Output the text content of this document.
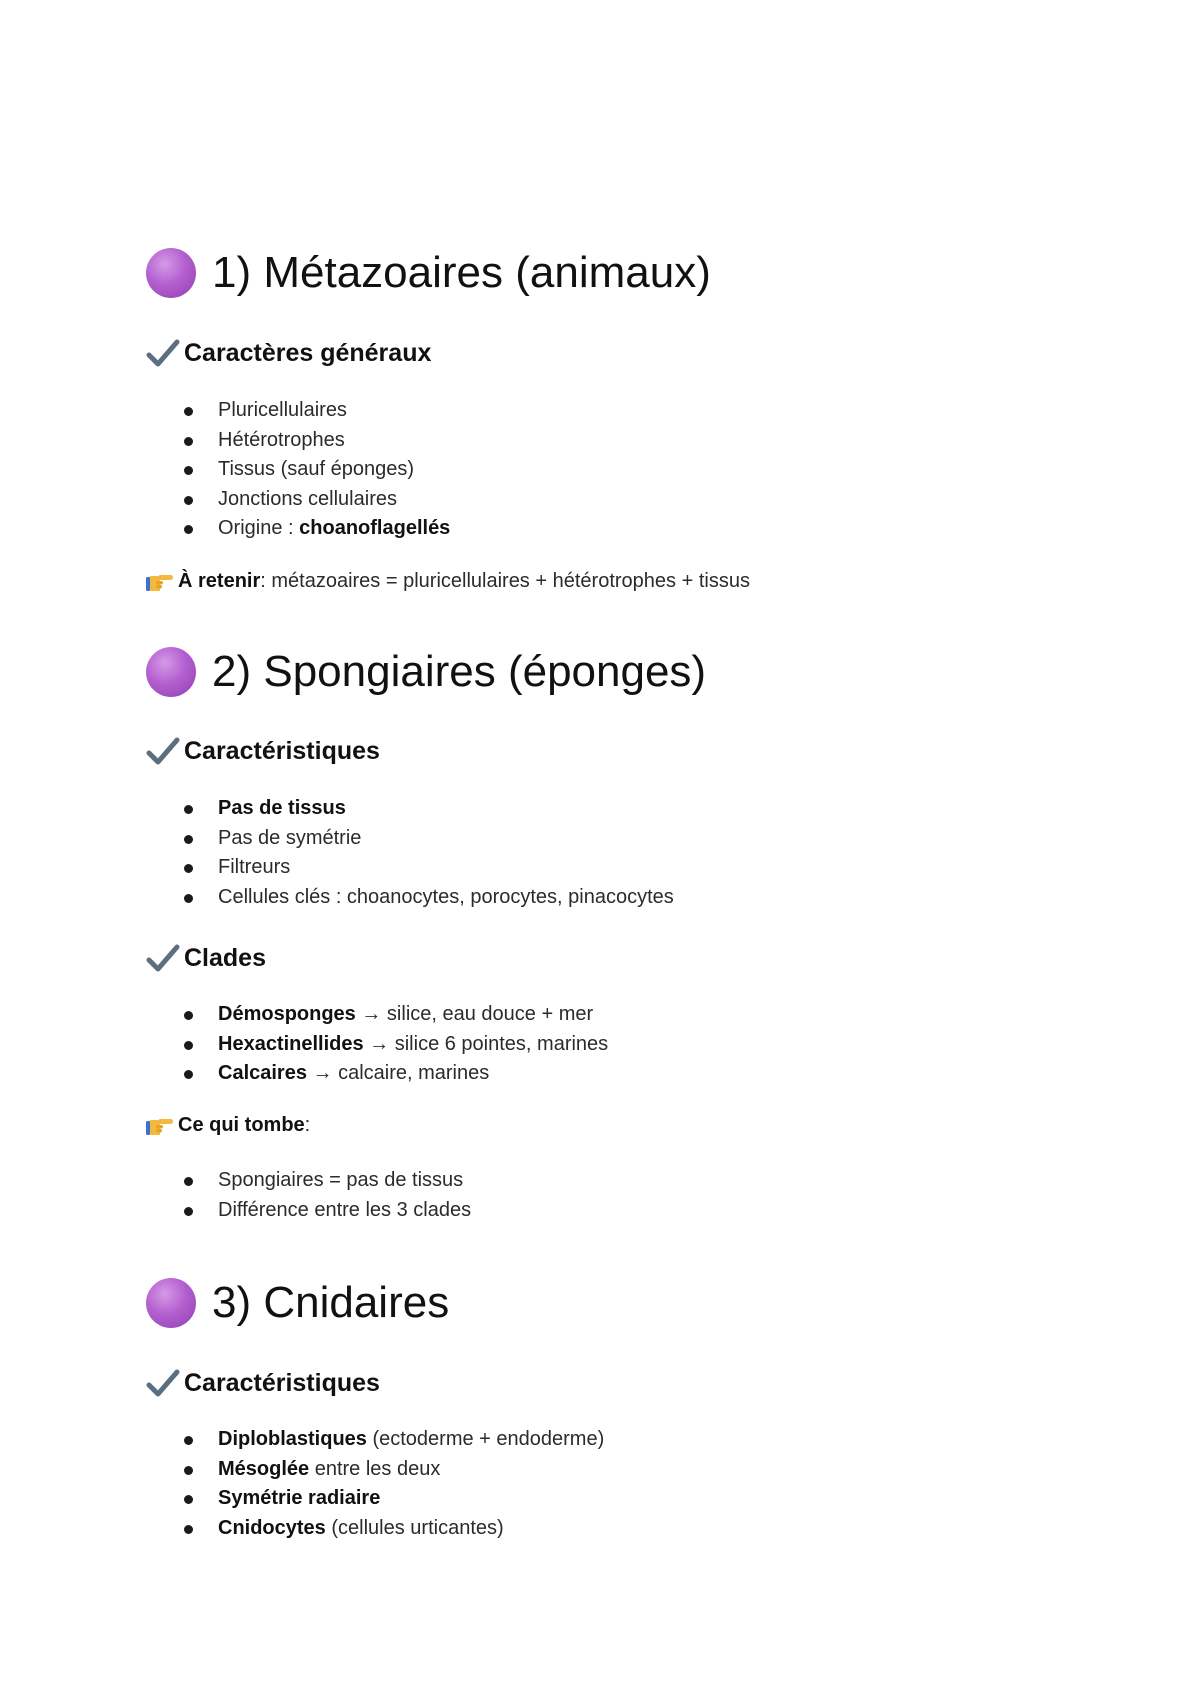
1) Métazoaires (animaux)
Caractères généraux
Pluricellulaires
Hétérotrophes
Tissus (sauf éponges)
Jonctions cellulaires
Origine : choanoflagellés
À retenir : métazoaires = pluricellulaires + hétérotrophes + tissus
2) Spongiaires (éponges)
Caractéristiques
Pas de tissus
Pas de symétrie
Filtreurs
Cellules clés : choanocytes, porocytes, pinacocytes
Clades
Démosponges → silice, eau douce + mer
Hexactinellides → silice 6 pointes, marines
Calcaires → calcaire, marines
Ce qui tombe :
Spongiaires = pas de tissus
Différence entre les 3 clades
3) Cnidaires
Caractéristiques
Diploblastiques (ectoderme + endoderme)
Mésoglée entre les deux
Symétrie radiaire
Cnidocytes (cellules urticantes)
